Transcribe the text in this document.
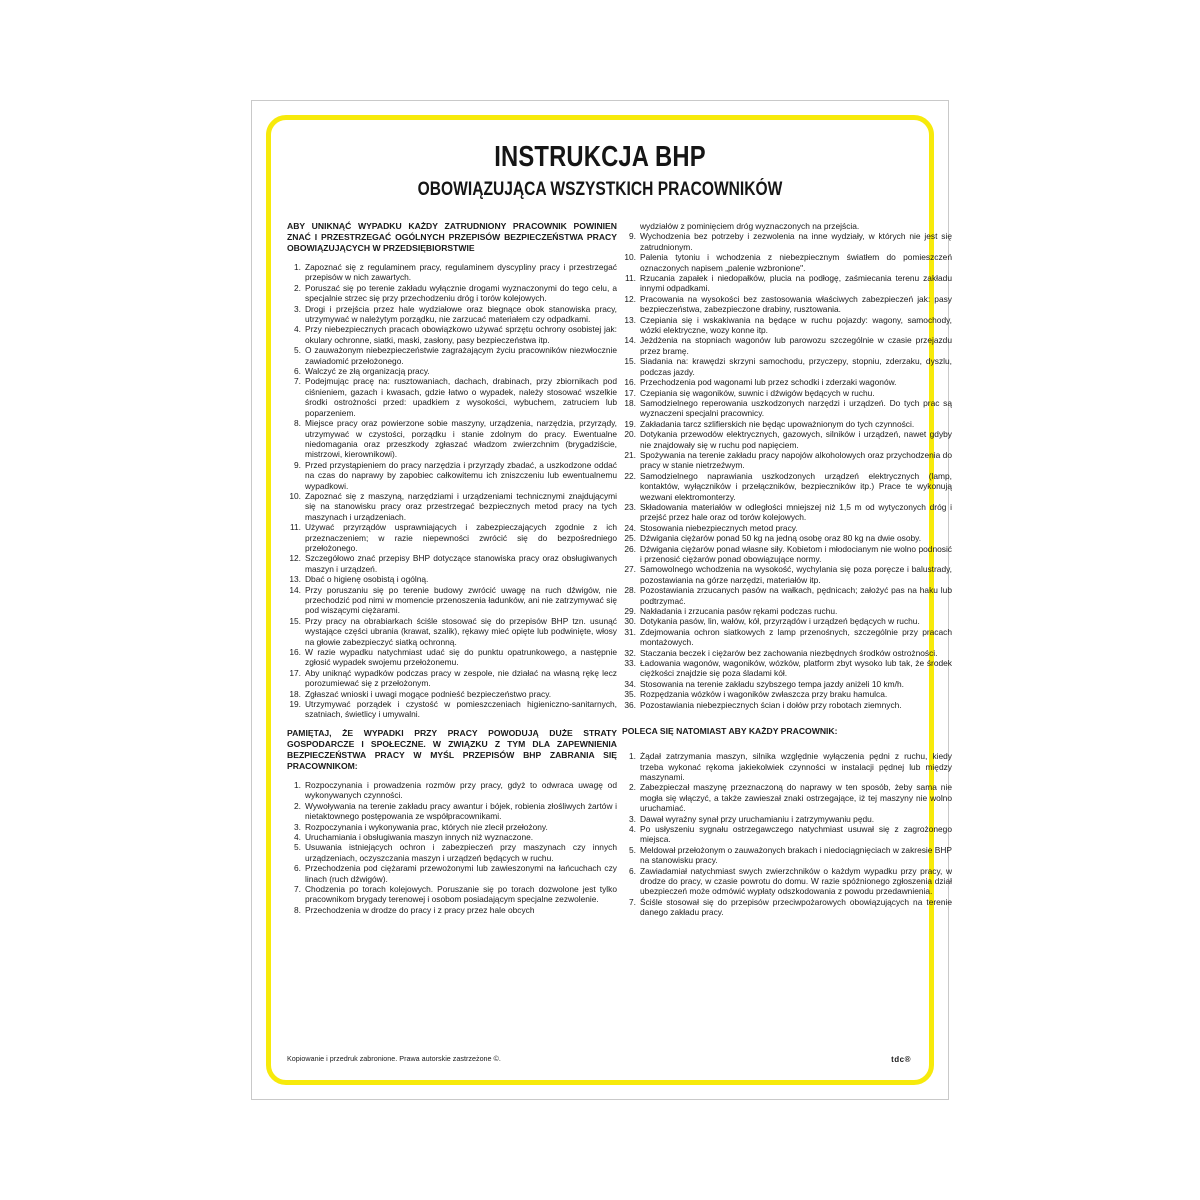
INSTRUKCJA BHP
OBOWIĄZUJĄCA WSZYSTKICH PRACOWNIKÓW

ABY UNIKNĄĆ WYPADKU KAŻDY ZATRUDNIONY PRACOWNIK POWINIEN ZNAĆ I PRZESTRZEGAĆ OGÓLNYCH PRZEPISÓW BEZPIECZEŃSTWA PRACY OBOWIĄZUJĄCYCH W PRZEDSIĘBIORSTWIE

1. Zapoznać się z regulaminem pracy, regulaminem dyscypliny pracy i przestrzegać przepisów w nich zawartych.
2. Poruszać się po terenie zakładu wyłącznie drogami wyznaczonymi do tego celu, a specjalnie strzec się przy przechodzeniu dróg i torów kolejowych.
3. Drogi i przejścia przez hale wydziałowe oraz biegnące obok stanowiska pracy, utrzymywać w należytym porządku, nie zarzucać materiałem czy odpadkami.
4. Przy niebezpiecznych pracach obowiązkowo używać sprzętu ochrony osobistej jak: okulary ochronne, siatki, maski, zasłony, pasy bezpieczeństwa itp.
5. O zauważonym niebezpieczeństwie zagrażającym życiu pracowników niezwłocznie zawiadomić przełożonego.
6. Walczyć ze złą organizacją pracy.
7. Podejmując pracę na: rusztowaniach, dachach, drabinach, przy zbiornikach pod ciśnieniem, gazach i kwasach, gdzie łatwo o wypadek, należy stosować wszelkie środki ostrożności przed: upadkiem z wysokości, wybuchem, zatruciem lub poparzeniem.
8. Miejsce pracy oraz powierzone sobie maszyny, urządzenia, narzędzia, przyrządy, utrzymywać w czystości, porządku i stanie zdolnym do pracy. Ewentualne niedomagania oraz przeszkody zgłaszać władzom zwierzchnim (brygadziście, mistrzowi, kierownikowi).
9. Przed przystąpieniem do pracy narzędzia i przyrządy zbadać, a uszkodzone oddać na czas do naprawy by zapobiec całkowitemu ich zniszczeniu lub ewentualnemu wypadkowi.
10. Zapoznać się z maszyną, narzędziami i urządzeniami technicznymi znajdującymi się na stanowisku pracy oraz przestrzegać bezpiecznych metod pracy na tych maszynach i urządzeniach.
11. Używać przyrządów usprawniających i zabezpieczających zgodnie z ich przeznaczeniem; w razie niepewności zwrócić się do bezpośredniego przełożonego.
12. Szczegółowo znać przepisy BHP dotyczące stanowiska pracy oraz obsługiwanych maszyn i urządzeń.
13. Dbać o higienę osobistą i ogólną.
14. Przy poruszaniu się po terenie budowy zwrócić uwagę na ruch dźwigów, nie przechodzić pod nimi w momencie przenoszenia ładunków, ani nie zatrzymywać się pod wiszącymi ciężarami.
15. Przy pracy na obrabiarkach ściśle stosować się do przepisów BHP tzn. usunąć wystające części ubrania (krawat, szalik), rękawy mieć opięte lub podwinięte, włosy na głowie zabezpieczyć siatką ochronną.
16. W razie wypadku natychmiast udać się do punktu opatrunkowego, a następnie zgłosić wypadek swojemu przełożonemu.
17. Aby uniknąć wypadków podczas pracy w zespole, nie działać na własną rękę lecz porozumiewać się z przełożonym.
18. Zgłaszać wnioski i uwagi mogące podnieść bezpieczeństwo pracy.
19. Utrzymywać porządek i czystość w pomieszczeniach higieniczno-sanitarnych, szatniach, świetlicy i umywalni.

PAMIĘTAJ, ŻE WYPADKI PRZY PRACY POWODUJĄ DUŻE STRATY GOSPODARCZE I SPOŁECZNE. W ZWIĄZKU Z TYM DLA ZAPEWNIENIA BEZPIECZEŃSTWA PRACY W MYŚL PRZEPISÓW BHP ZABRANIA SIĘ PRACOWNIKOM:

1. Rozpoczynania i prowadzenia rozmów przy pracy, gdyż to odwraca uwagę od wykonywanych czynności.
2. Wywoływania na terenie zakładu pracy awantur i bójek, robienia złośliwych żartów i nietaktownego postępowania ze współpracownikami.
3. Rozpoczynania i wykonywania prac, których nie zlecił przełożony.
4. Uruchamiania i obsługiwania maszyn innych niż wyznaczone.
5. Usuwania istniejących ochron i zabezpieczeń przy maszynach czy innych urządzeniach, oczyszczania maszyn i urządzeń będących w ruchu.
6. Przechodzenia pod ciężarami przewożonymi lub zawieszonymi na łańcuchach czy linach (ruch dźwigów).
7. Chodzenia po torach kolejowych. Poruszanie się po torach dozwolone jest tylko pracownikom brygady terenowej i osobom posiadającym specjalne zezwolenie.
8. Przechodzenia w drodze do pracy i z pracy przez hale obcych

wydziałów z pominięciem dróg wyznaczonych na przejścia.

9. Wychodzenia bez potrzeby i zezwolenia na inne wydziały, w których nie jest się zatrudnionym.
10. Palenia tytoniu i wchodzenia z niebezpiecznym światłem do pomieszczeń oznaczonych napisem „palenie wzbronione".
11. Rzucania zapałek i niedopałków, plucia na podłogę, zaśmiecania terenu zakładu innymi odpadkami.
12. Pracowania na wysokości bez zastosowania właściwych zabezpieczeń jak: pasy bezpieczeństwa, zabezpieczone drabiny, rusztowania.
13. Czepiania się i wskakiwania na będące w ruchu pojazdy: wagony, samochody, wózki elektryczne, wozy konne itp.
14. Jeżdżenia na stopniach wagonów lub parowozu szczególnie w czasie przejazdu przez bramę.
15. Siadania na: krawędzi skrzyni samochodu, przyczepy, stopniu, zderzaku, dyszlu, podczas jazdy.
16. Przechodzenia pod wagonami lub przez schodki i zderzaki wagonów.
17. Czepiania się wagoników, suwnic i dźwigów będących w ruchu.
18. Samodzielnego reperowania uszkodzonych narzędzi i urządzeń. Do tych prac są wyznaczeni specjalni pracownicy.
19. Zakładania tarcz szlifierskich nie będąc upoważnionym do tych czynności.
20. Dotykania przewodów elektrycznych, gazowych, silników i urządzeń, nawet gdyby nie znajdowały się w ruchu pod napięciem.
21. Spożywania na terenie zakładu pracy napojów alkoholowych oraz przychodzenia do pracy w stanie nietrzeźwym.
22. Samodzielnego naprawiania uszkodzonych urządzeń elektrycznych (lamp, kontaktów, wyłączników i przełączników, bezpieczników itp.) Prace te wykonują wezwani elektromonterzy.
23. Składowania materiałów w odległości mniejszej niż 1,5 m od wytyczonych dróg i przejść przez hale oraz od torów kolejowych.
24. Stosowania niebezpiecznych metod pracy.
25. Dźwigania ciężarów ponad 50 kg na jedną osobę oraz 80 kg na dwie osoby.
26. Dźwigania ciężarów ponad własne siły. Kobietom i młodocianym nie wolno podnosić i przenosić ciężarów ponad obowiązujące normy.
27. Samowolnego wchodzenia na wysokość, wychylania się poza poręcze i balustrady, pozostawiania na górze narzędzi, materiałów itp.
28. Pozostawiania zrzucanych pasów na wałkach, pędnicach; założyć pas na haku lub podtrzymać.
29. Nakładania i zrzucania pasów rękami podczas ruchu.
30. Dotykania pasów, lin, wałów, kół, przyrządów i urządzeń będących w ruchu.
31. Zdejmowania ochron siatkowych z lamp przenośnych, szczególnie przy pracach montażowych.
32. Staczania beczek i ciężarów bez zachowania niezbędnych środków ostrożności.
33. Ładowania wagonów, wagoników, wózków, platform zbyt wysoko lub tak, że środek ciężkości znajdzie się poza śladami kół.
34. Stosowania na terenie zakładu szybszego tempa jazdy aniżeli 10 km/h.
35. Rozpędzania wózków i wagoników zwłaszcza przy braku hamulca.
36. Pozostawiania niebezpiecznych ścian i dołów przy robotach ziemnych.

POLECA SIĘ NATOMIAST ABY KAŻDY PRACOWNIK:

1. Żądał zatrzymania maszyn, silnika względnie wyłączenia pędni z ruchu, kiedy trzeba wykonać rękoma jakiekolwiek czynności w instalacji pędnej lub między maszynami.
2. Zabezpieczał maszynę przeznaczoną do naprawy w ten sposób, żeby sama nie mogła się włączyć, a także zawieszał znaki ostrzegające, iż tej maszyny nie wolno uruchamiać.
3. Dawał wyraźny synał przy uruchamianiu i zatrzymywaniu pędu.
4. Po usłyszeniu sygnału ostrzegawczego natychmiast usuwał się z zagrożonego miejsca.
5. Meldował przełożonym o zauważonych brakach i niedociągnięciach w zakresie BHP na stanowisku pracy.
6. Zawiadamiał natychmiast swych zwierzchników o każdym wypadku przy pracy, w drodze do pracy, w czasie powrotu do domu. W razie spóźnionego zgłoszenia dział ubezpieczeń może odmówić wypłaty odszkodowania z powodu przedawnienia.
7. Ściśle stosował się do przepisów przeciwpożarowych obowiązujących na terenie danego zakładu pracy.
Kopiowanie i przedruk zabronione. Prawa autorskie zastrzeżone ©.	tdc®
